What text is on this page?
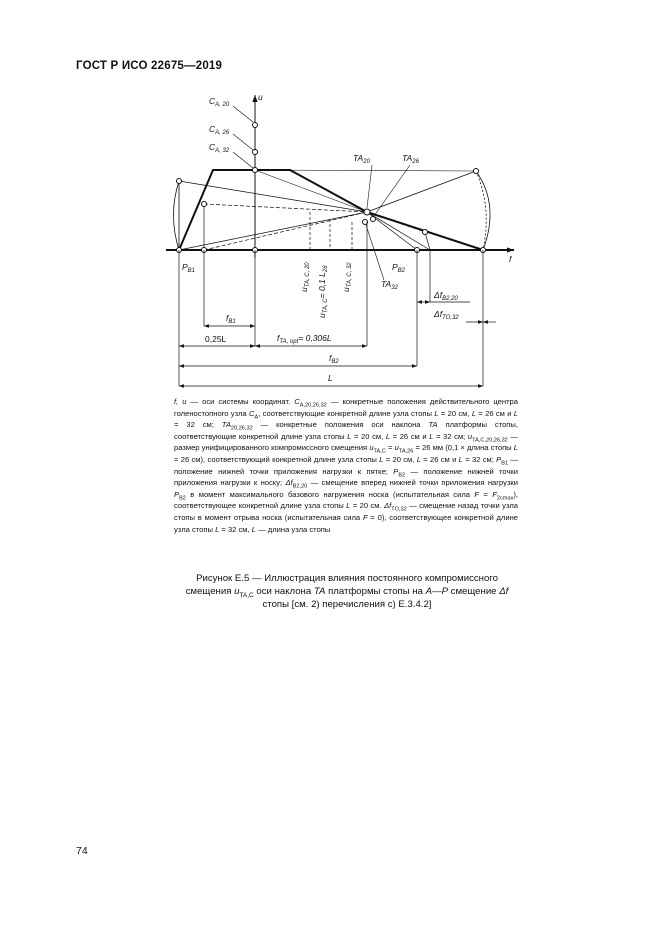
ГОСТ Р ИСО 22675—2019
u
f
$C_{A, 20}$
$C_{A, 26}$
$C_{A, 32}$
$TA_{20}$	$TA_{26}$
$TA_{32}$
$P_{B1}$	$P_{B2}$
$u_{TA, C, 20}$
$u_{TA, C}= 0,1$ $L_{26}$
$u_{TA, C, 32}$
$\Delta f_{B2,20}$
$\Delta f_{TO,32}$
$f_{B1}$
0,25L	$f_{TA, opt}= 0,306L$
$f_{B2}$
L

f, u — оси системы координат. $C_{A,20,26,32}$ — конкретные положения действительного центра голеностопного узла $C_A$, соответствующие конкретной длине узла стопы L = 20 см, L = 26 см и L = 32 см; $TA_{20,26,32}$ — конкретные положения оси наклона TA платформы стопы, соответствующие конкретной длине узла стопы L = 20 см, L = 26 см и L = 32 см; $u_{TA,C,20,26,32}$ — размер унифицированного компромиссного смещения $u_{TA,C} = u_{TA,26} = 26$ мм (0,1 × длина стопы L = 26 см), соответствующий конкретной длине узла стопы L = 20 см, L = 26 см и L = 32 см; $P_{B1}$ — положение нижней точки приложения нагрузки к пятке; $P_{B2}$ — положение нижней точки приложения нагрузки к носку; $\Delta f_{B2,20}$ — смещение вперед нижней точки приложения нагрузки $P_{B2}$ в момент максимального базового нагружения носка (испытательная сила $F = F_{2cmax}$), соответствующее конкретной длине узла стопы L = 20 см. $\Delta f_{TO,32}$ — смещение назад точки узла стопы в момент отрыва носка (испытательная сила F = 0), соответствующее конкретной длине узла стопы L = 32 см, L — длина узла стопы

Рисунок E.5 — Иллюстрация влияния постоянного компромиссного смещения $u_{TA,C}$ оси наклона TA платформы стопы на A—P смещение Δf стопы [см. 2) перечисления c) E.3.4.2]
74
